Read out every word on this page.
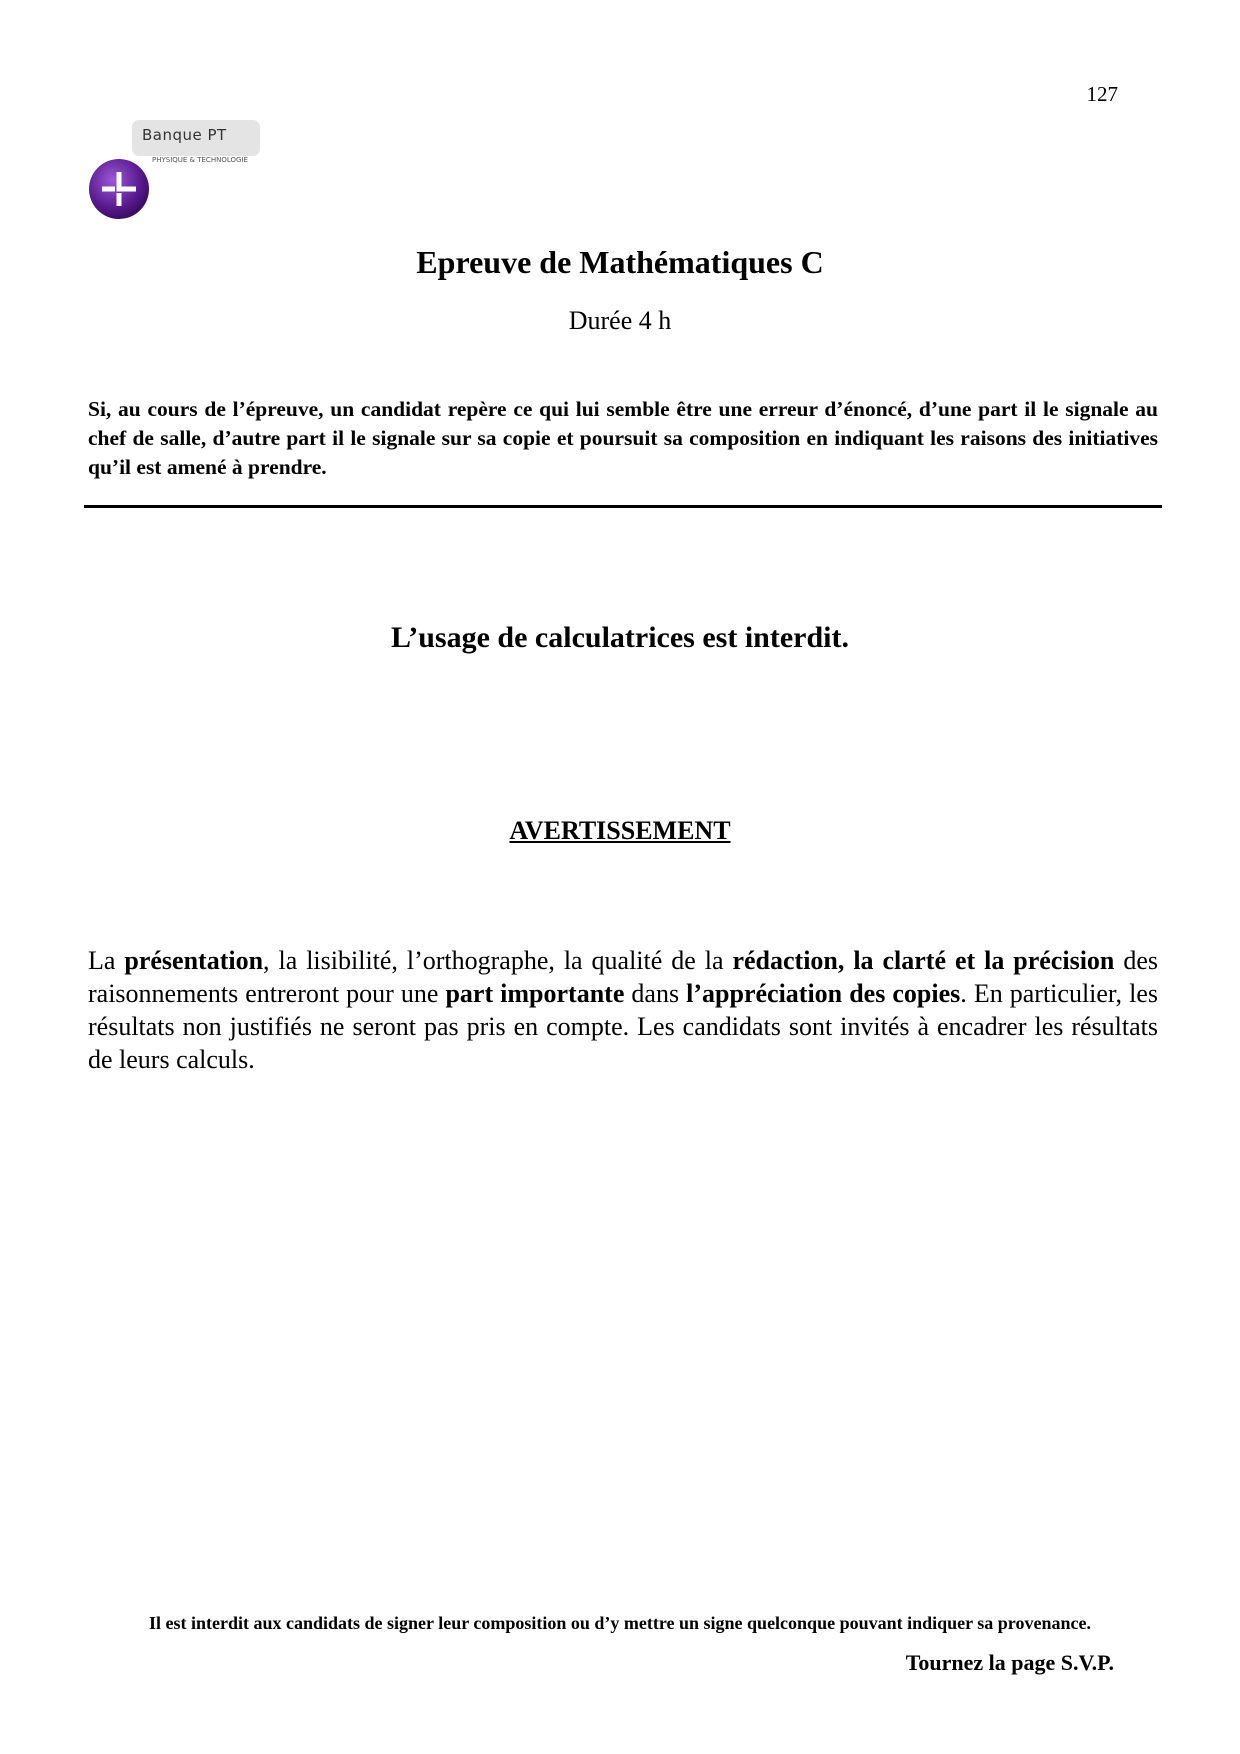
127
Banque PT
PHYSIQUE & TECHNOLOGIE
Epreuve de Mathématiques C
Durée 4 h

Si, au cours de l’épreuve, un candidat repère ce qui lui semble être une erreur d’énoncé, d’une part il le signale au chef de salle, d’autre part il le signale sur sa copie et poursuit sa composition en indiquant les raisons des initiatives qu’il est amené à prendre.

L’usage de calculatrices est interdit.
AVERTISSEMENT

La présentation, la lisibilité, l’orthographe, la qualité de la rédaction, la clarté et la précision des raisonnements entreront pour une part importante dans l’appréciation des copies. En particulier, les résultats non justifiés ne seront pas pris en compte. Les candidats sont invités à encadrer les résultats de leurs calculs.

Il est interdit aux candidats de signer leur composition ou d’y mettre un signe quelconque pouvant indiquer sa provenance.
Tournez la page S.V.P.
